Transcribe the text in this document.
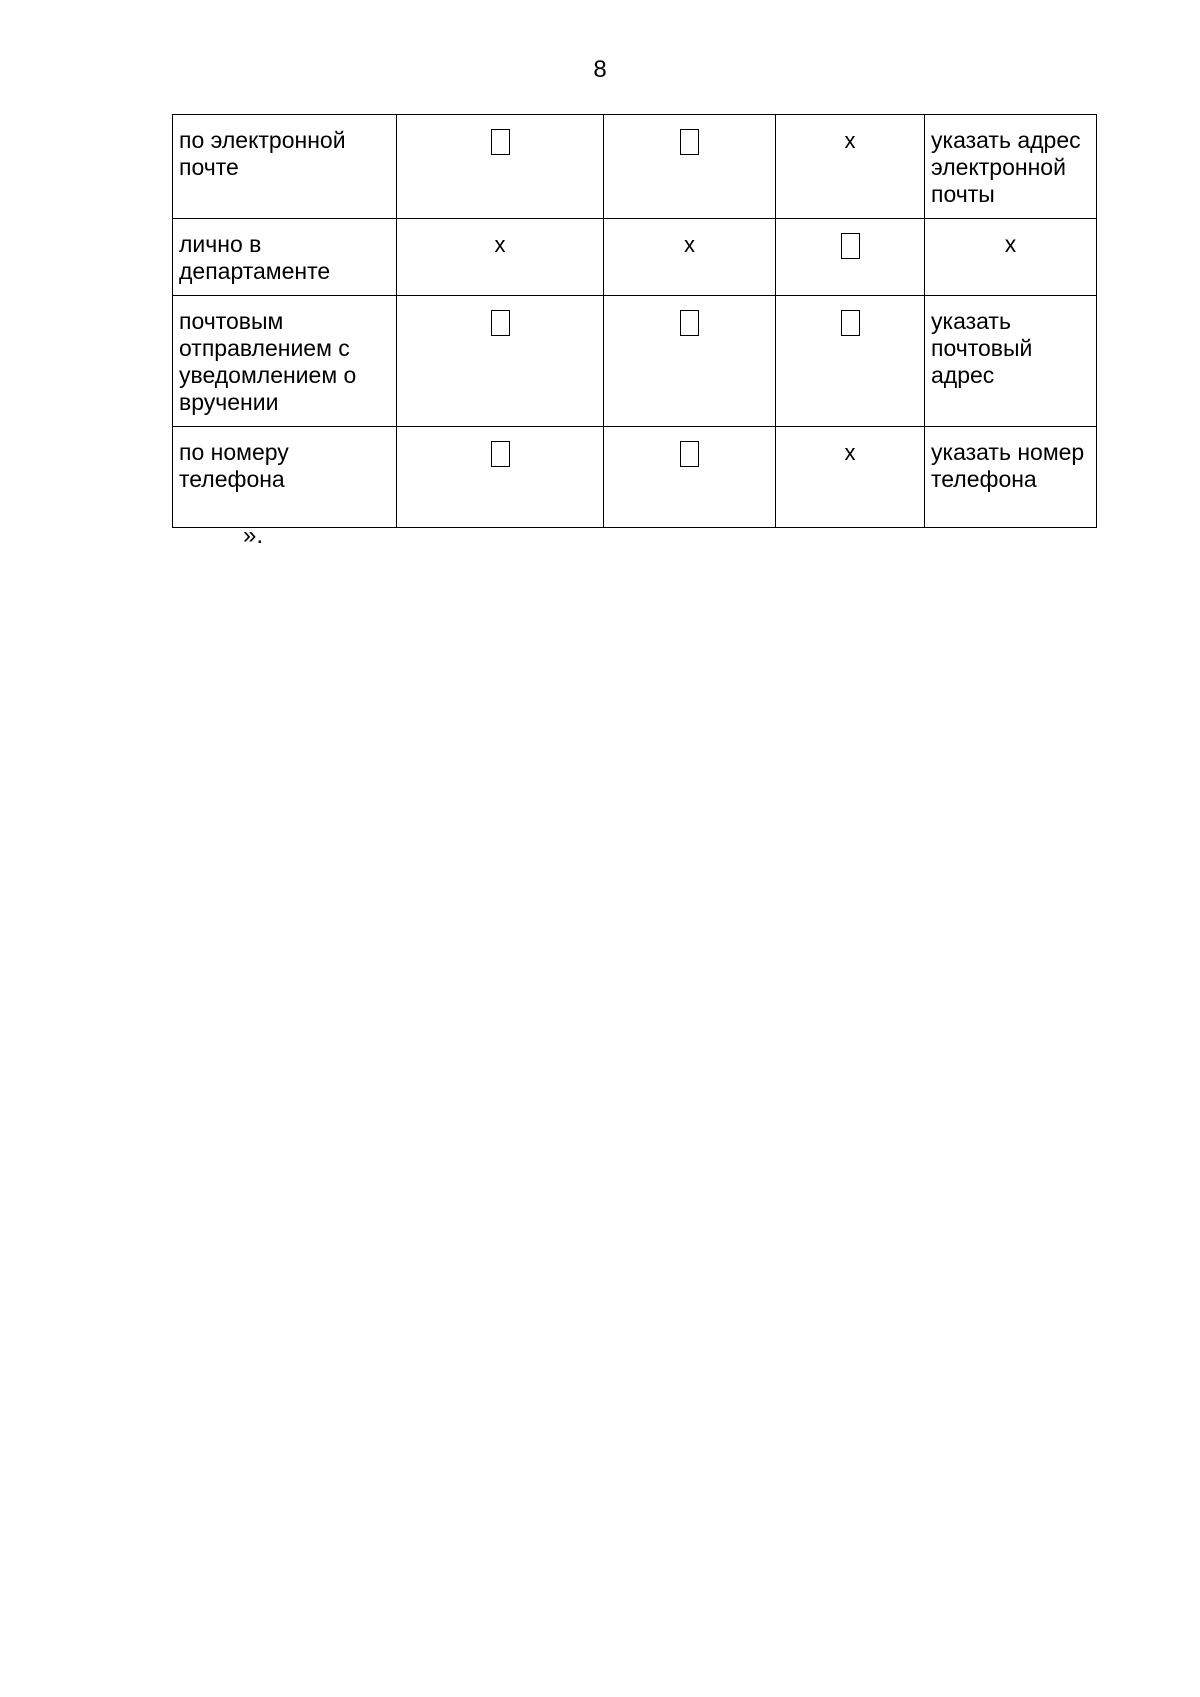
8
по электронной почте			x	указать адрес электронной почты
лично в департаменте	x	x		x
почтовым отправлением с уведомлением о вручении				указать почтовый адрес
по номеру телефона			x	указать номер телефона
».
